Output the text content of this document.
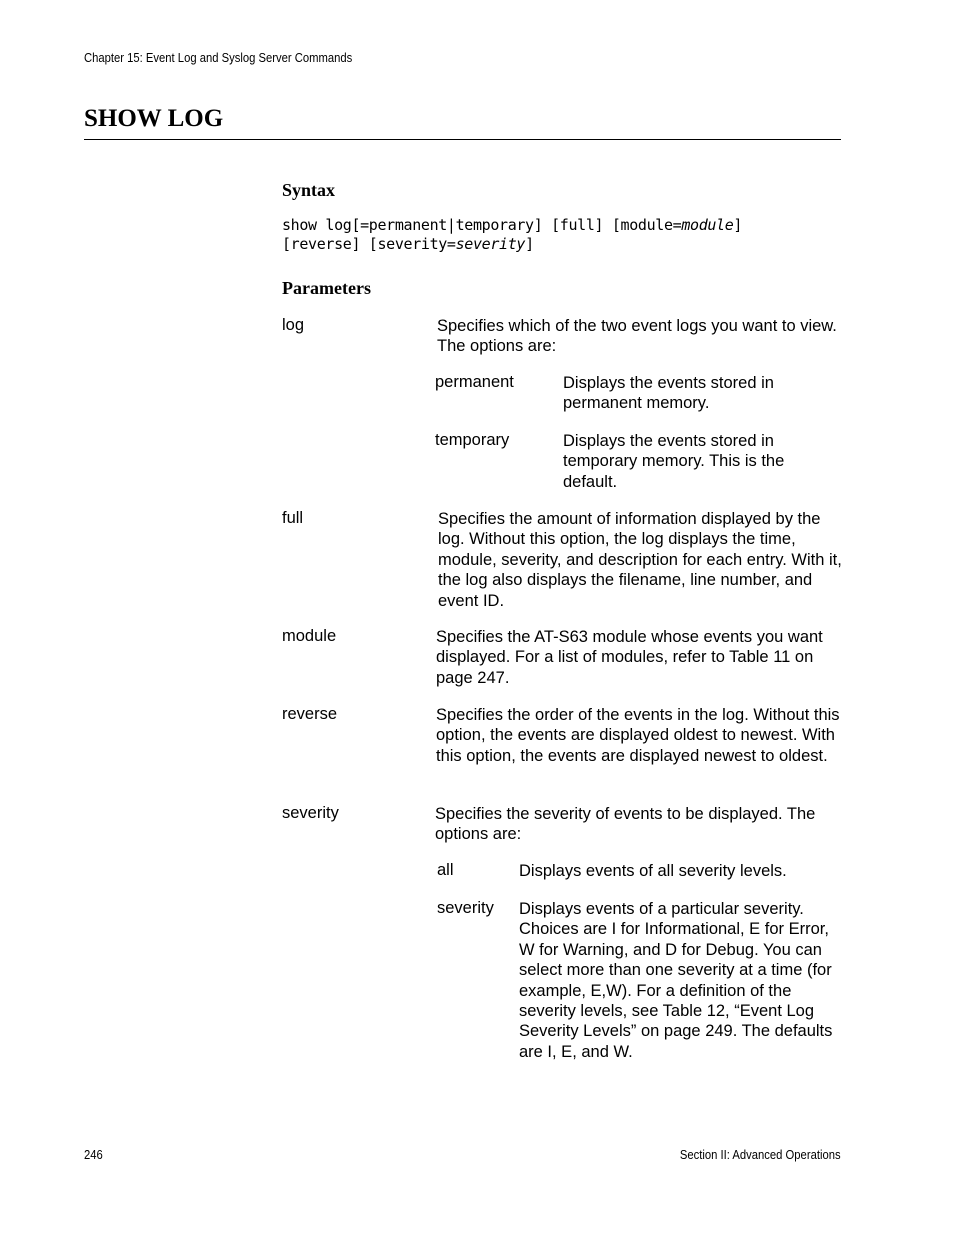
Chapter 15: Event Log and Syslog Server Commands
SHOW LOG
Syntax
show log[=permanent|temporary] [full] [module=module]
[reverse] [severity=severity]
Parameters
log	Specifies which of the two event logs you want to view. The options are:
permanent	Displays the events stored in permanent memory.
temporary	Displays the events stored in temporary memory. This is the default.
full	Specifies the amount of information displayed by the log. Without this option, the log displays the time, module, severity, and description for each entry. With it, the log also displays the filename, line number, and event ID.
module	Specifies the AT-S63 module whose events you want displayed. For a list of modules, refer to Table 11 on page 247.
reverse	Specifies the order of the events in the log. Without this option, the events are displayed oldest to newest. With this option, the events are displayed newest to oldest.
severity	Specifies the severity of events to be displayed. The options are:
all	Displays events of all severity levels.
severity Displays events of a particular severity. Choices are I for Informational, E for Error, W for Warning, and D for Debug. You can select more than one severity at a time (for example, E,W). For a definition of the severity levels, see Table 12, “Event Log Severity Levels” on page 249. The defaults are I, E, and W.
246	Section II: Advanced Operations
